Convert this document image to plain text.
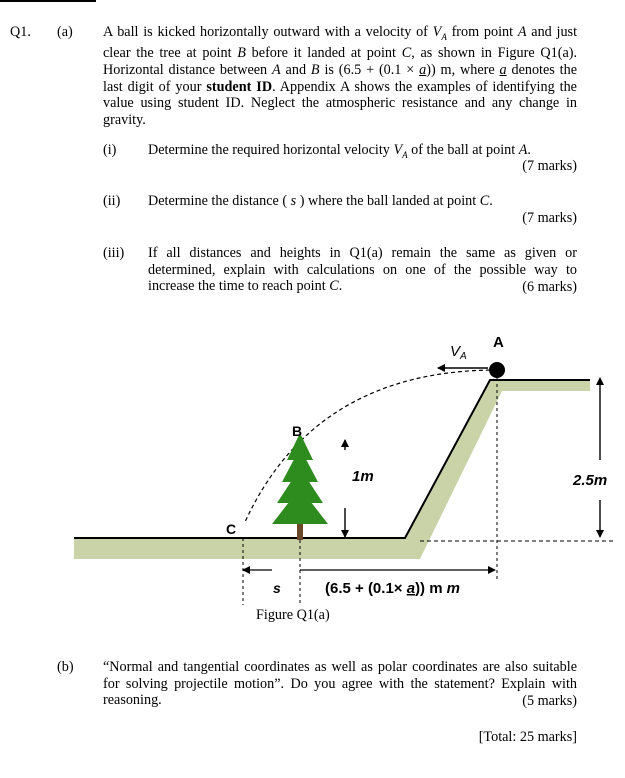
Q1. (a) A ball is kicked horizontally outward with a velocity of $V_A$ from point A and just clear the tree at point B before it landed at point C, as shown in Figure Q1(a). Horizontal distance between A and B is (6.5 + (0.1 × a)) m, where a denotes the last digit of your student ID. Appendix A shows the examples of identifying the value using student ID. Neglect the atmospheric resistance and any change in gravity.
(i) Determine the required horizontal velocity $V_A$ of the ball at point A.
(7 marks)
(ii) Determine the distance ( s ) where the ball landed at point C.
(7 marks)
(iii) If all distances and heights in Q1(a) remain the same as given or determined, explain with calculations on one of the possible way to increase the time to reach point C.	(6 marks)
$V_A$
A
B
C
1m	2.5m
s	(6.5 + (0.1× a)) m m
Figure Q1(a)
(b) “Normal and tangential coordinates as well as polar coordinates are also suitable for solving projectile motion”. Do you agree with the statement? Explain with reasoning.	(5 marks)
[Total: 25 marks]
